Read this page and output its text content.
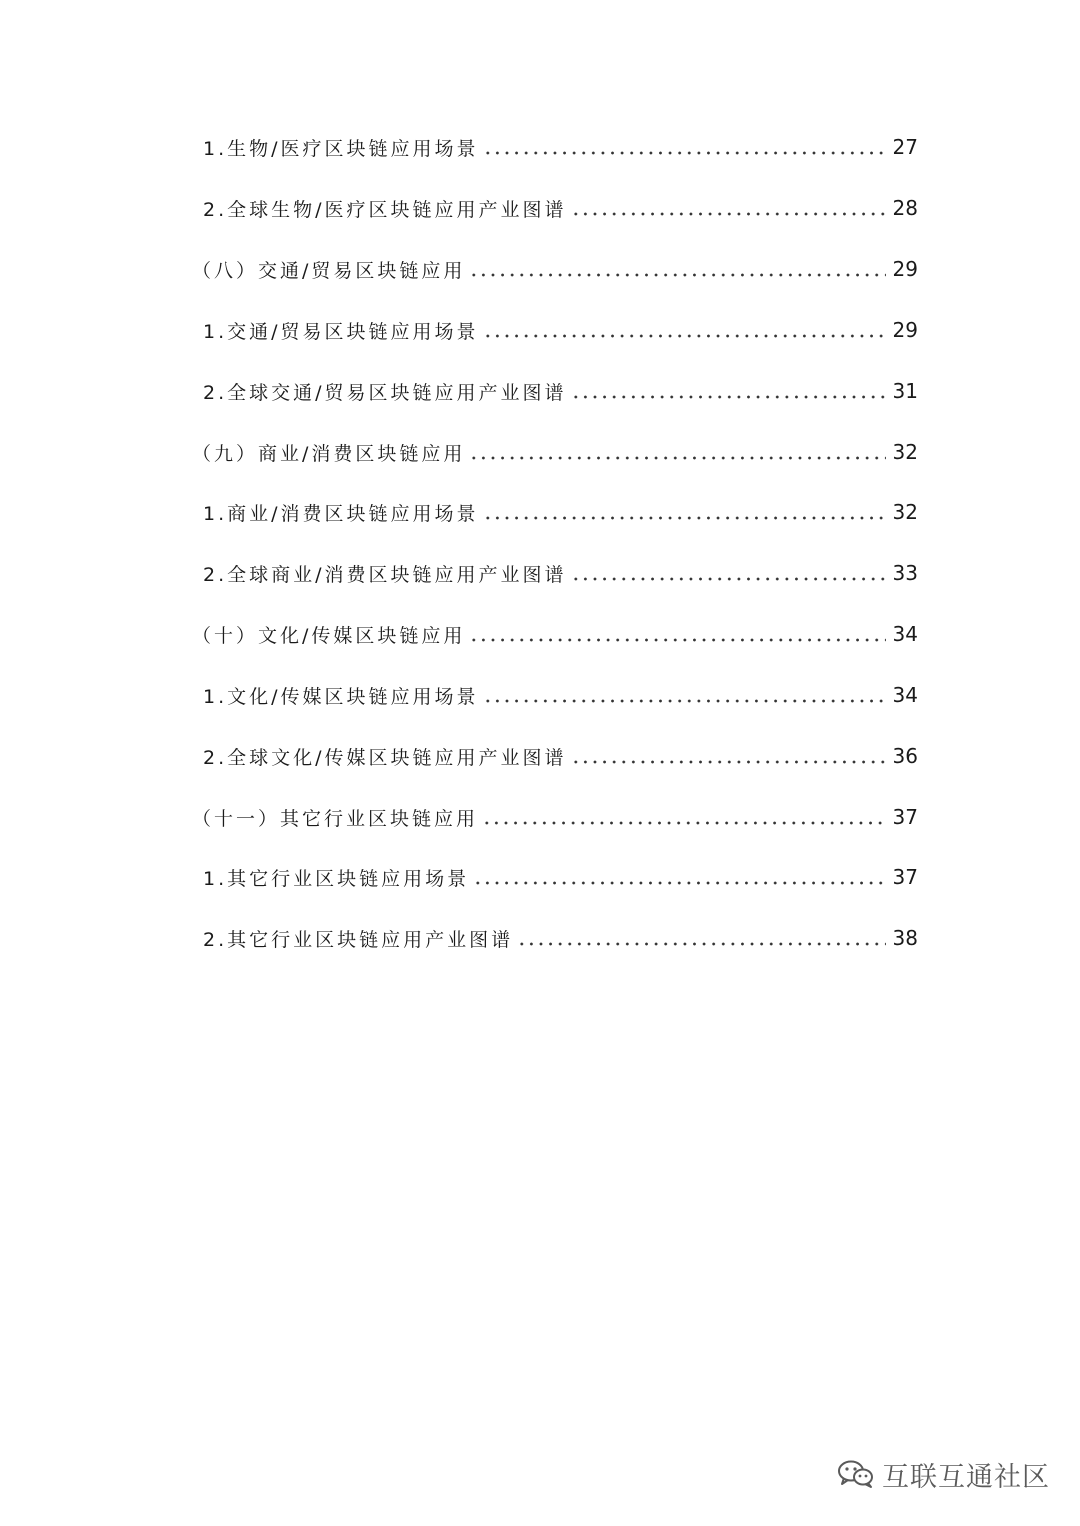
1.生物/医疗区块链应用场景	27
2.全球生物/医疗区块链应用产业图谱	28
（八）交通/贸易区块链应用	29
1.交通/贸易区块链应用场景	29
2.全球交通/贸易区块链应用产业图谱	31
（九）商业/消费区块链应用	32
1.商业/消费区块链应用场景	32
2.全球商业/消费区块链应用产业图谱	33
（十）文化/传媒区块链应用	34
1.文化/传媒区块链应用场景	34
2.全球文化/传媒区块链应用产业图谱	36
（十一）其它行业区块链应用	37
1.其它行业区块链应用场景	37
2.其它行业区块链应用产业图谱	38
互联互通社区
